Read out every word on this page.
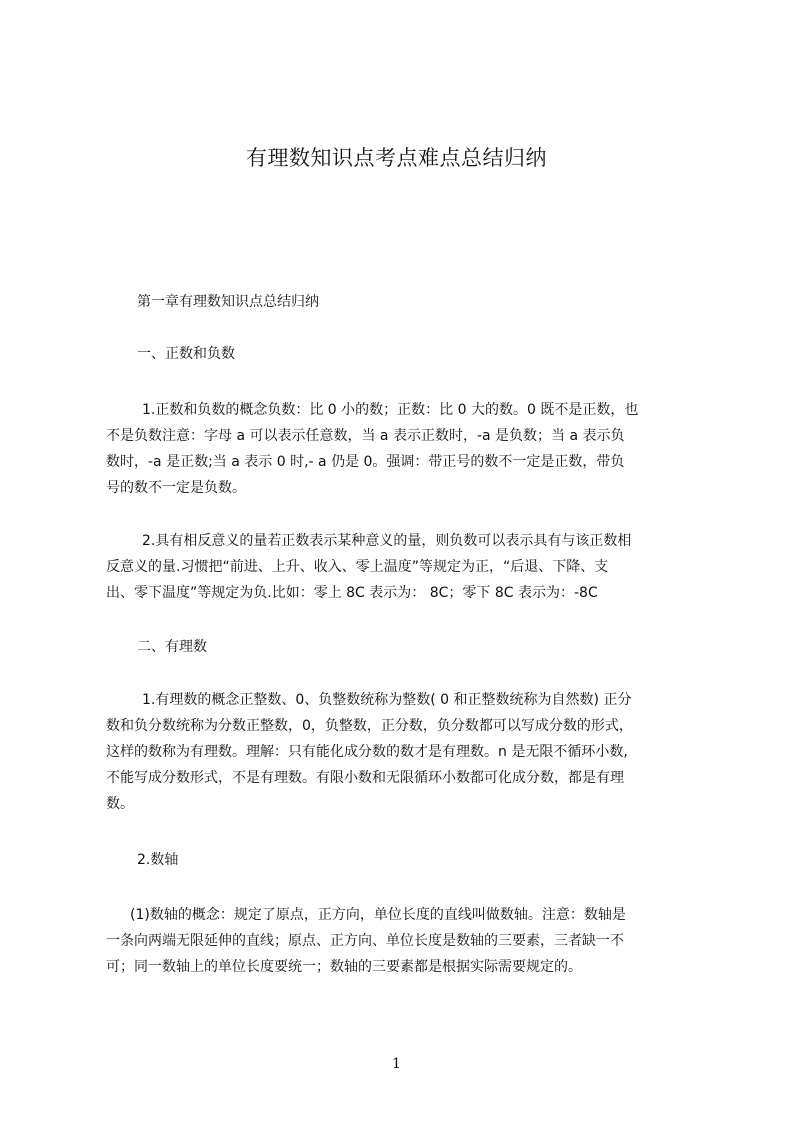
有理数知识点考点难点总结归纳

第一章有理数知识点总结归纳

一、正数和负数

1.正数和负数的概念负数：比 0 小的数；正数：比 0 大的数。0 既不是正数，也
不是负数注意：字母 a 可以表示任意数，当 a 表示正数时，-a 是负数；当 a 表示负
数时，-a 是正数;当 a 表示 0 时,- a 仍是 0。强调：带正号的数不一定是正数，带负
号的数不一定是负数。
2.具有相反意义的量若正数表示某种意义的量，则负数可以表示具有与该正数相
反意义的量.习惯把“前进、上升、收入、零上温度”等规定为正，“后退、下降、支
出、零下温度”等规定为负.比如：零上 8C 表示为： 8C；零下 8C 表示为：-8C

二、有理数

1.有理数的概念正整数、0、负整数统称为整数( 0 和正整数统称为自然数) 正分
数和负分数统称为分数正整数，0，负整数，正分数，负分数都可以写成分数的形式，
这样的数称为有理数。理解：只有能化成分数的数才是有理数。n 是无限不循环小数,
不能写成分数形式，不是有理数。有限小数和无限循环小数都可化成分数，都是有理
数。

2.数轴

(1)数轴的概念：规定了原点，正方向，单位长度的直线叫做数轴。注意：数轴是
一条向两端无限延伸的直线；原点、正方向、单位长度是数轴的三要素，三者缺一不
可；同一数轴上的单位长度要统一；数轴的三要素都是根据实际需要规定的。
1
